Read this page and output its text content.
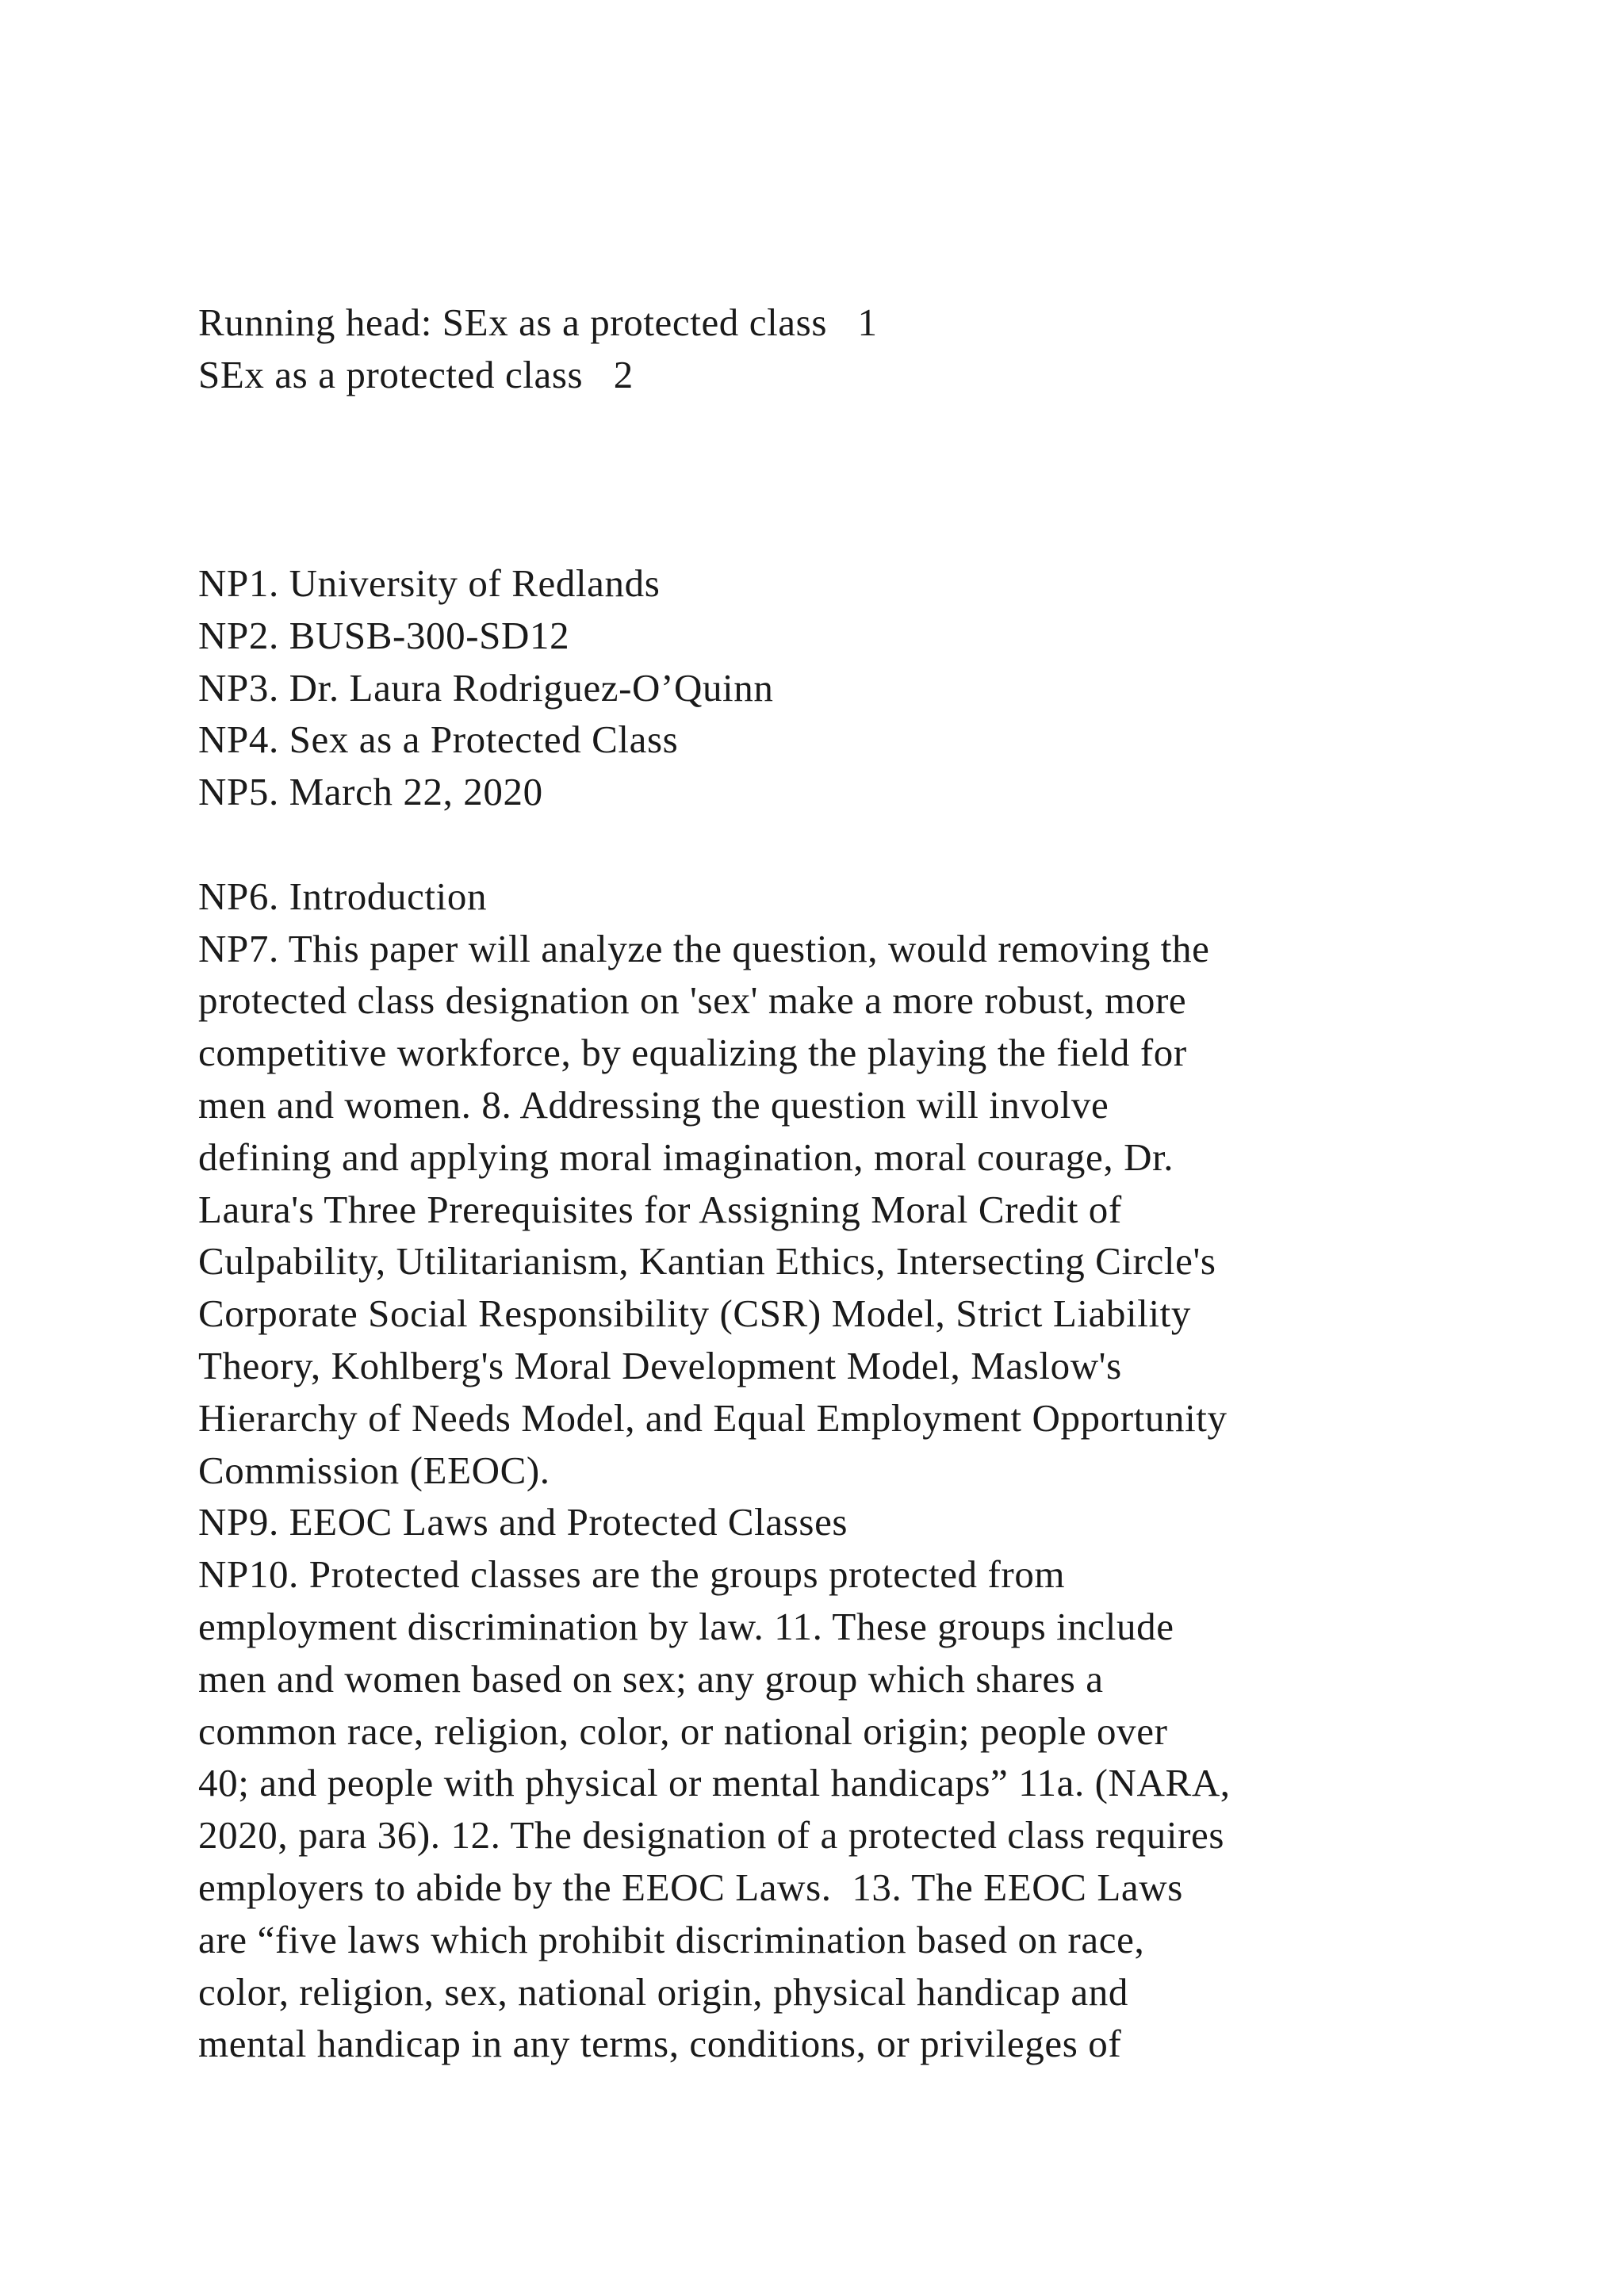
Running head: SEx as a protected class   1
SEx as a protected class   2
NP1. University of Redlands
NP2. BUSB-300-SD12
NP3. Dr. Laura Rodriguez-O’Quinn
NP4. Sex as a Protected Class
NP5. March 22, 2020
NP6. Introduction
NP7. This paper will analyze the question, would removing the
protected class designation on 'sex' make a more robust, more
competitive workforce, by equalizing the playing the field for
men and women. 8. Addressing the question will involve
defining and applying moral imagination, moral courage, Dr.
Laura's Three Prerequisites for Assigning Moral Credit of
Culpability, Utilitarianism, Kantian Ethics, Intersecting Circle's
Corporate Social Responsibility (CSR) Model, Strict Liability
Theory, Kohlberg's Moral Development Model, Maslow's
Hierarchy of Needs Model, and Equal Employment Opportunity
Commission (EEOC).
NP9. EEOC Laws and Protected Classes
NP10. Protected classes are the groups protected from
employment discrimination by law. 11. These groups include
men and women based on sex; any group which shares a
common race, religion, color, or national origin; people over
40; and people with physical or mental handicaps” 11a. (NARA,
2020, para 36). 12. The designation of a protected class requires
employers to abide by the EEOC Laws.  13. The EEOC Laws
are “five laws which prohibit discrimination based on race,
color, religion, sex, national origin, physical handicap and
mental handicap in any terms, conditions, or privileges of
